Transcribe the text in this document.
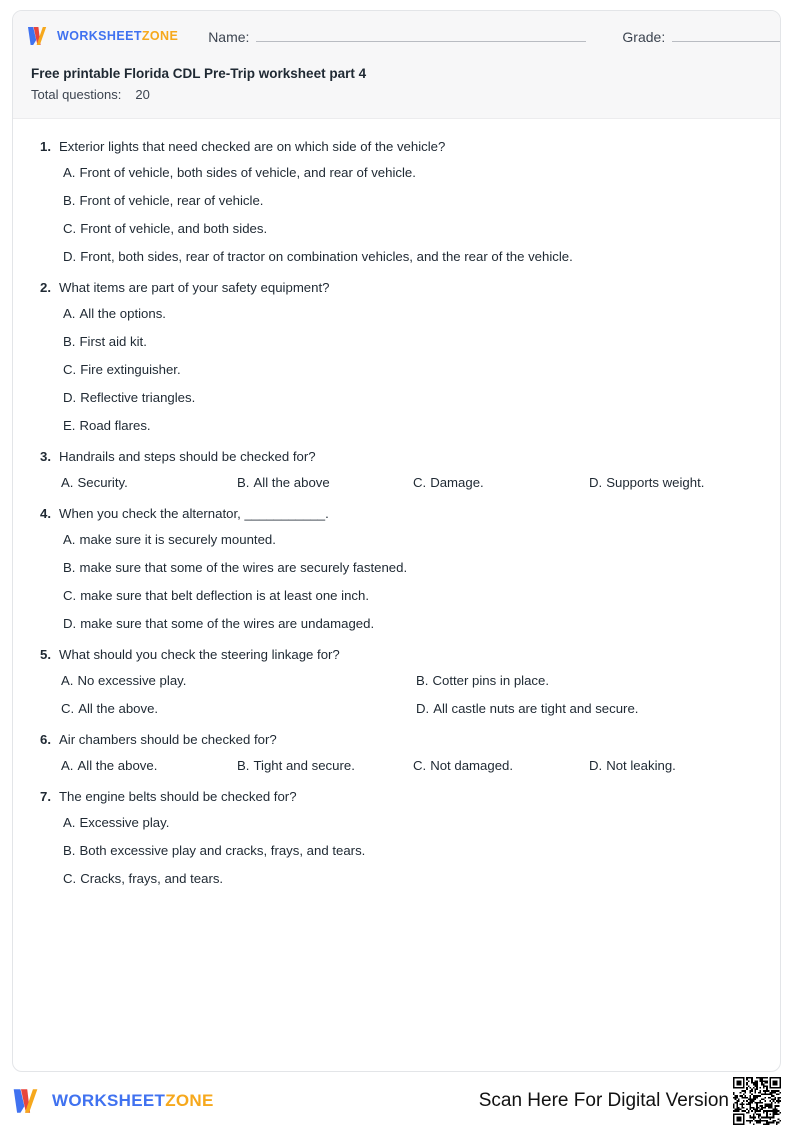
WORKSHEETZONE Name:	Grade:
Free printable Florida CDL Pre-Trip worksheet part 4
Total questions: 20
1. Exterior lights that need checked are on which side of the vehicle?
A. Front of vehicle, both sides of vehicle, and rear of vehicle.
B. Front of vehicle, rear of vehicle.
C. Front of vehicle, and both sides.
D. Front, both sides, rear of tractor on combination vehicles, and the rear of the vehicle.
2. What items are part of your safety equipment?
A. All the options.
B. First aid kit.
C. Fire extinguisher.
D. Reflective triangles.
E. Road flares.
3. Handrails and steps should be checked for?
A. Security.	B. All the above	C. Damage.	D. Supports weight.
4. When you check the alternator, ___________.
A. make sure it is securely mounted.
B. make sure that some of the wires are securely fastened.
C. make sure that belt deflection is at least one inch.
D. make sure that some of the wires are undamaged.
5. What should you check the steering linkage for?
A. No excessive play.	B. Cotter pins in place.
C. All the above.	D. All castle nuts are tight and secure.
6. Air chambers should be checked for?
A. All the above.	B. Tight and secure.	C. Not damaged.	D. Not leaking.
7. The engine belts should be checked for?
A. Excessive play.
B. Both excessive play and cracks, frays, and tears.
C. Cracks, frays, and tears.
WORKSHEETZONE	Scan Here For Digital Version
